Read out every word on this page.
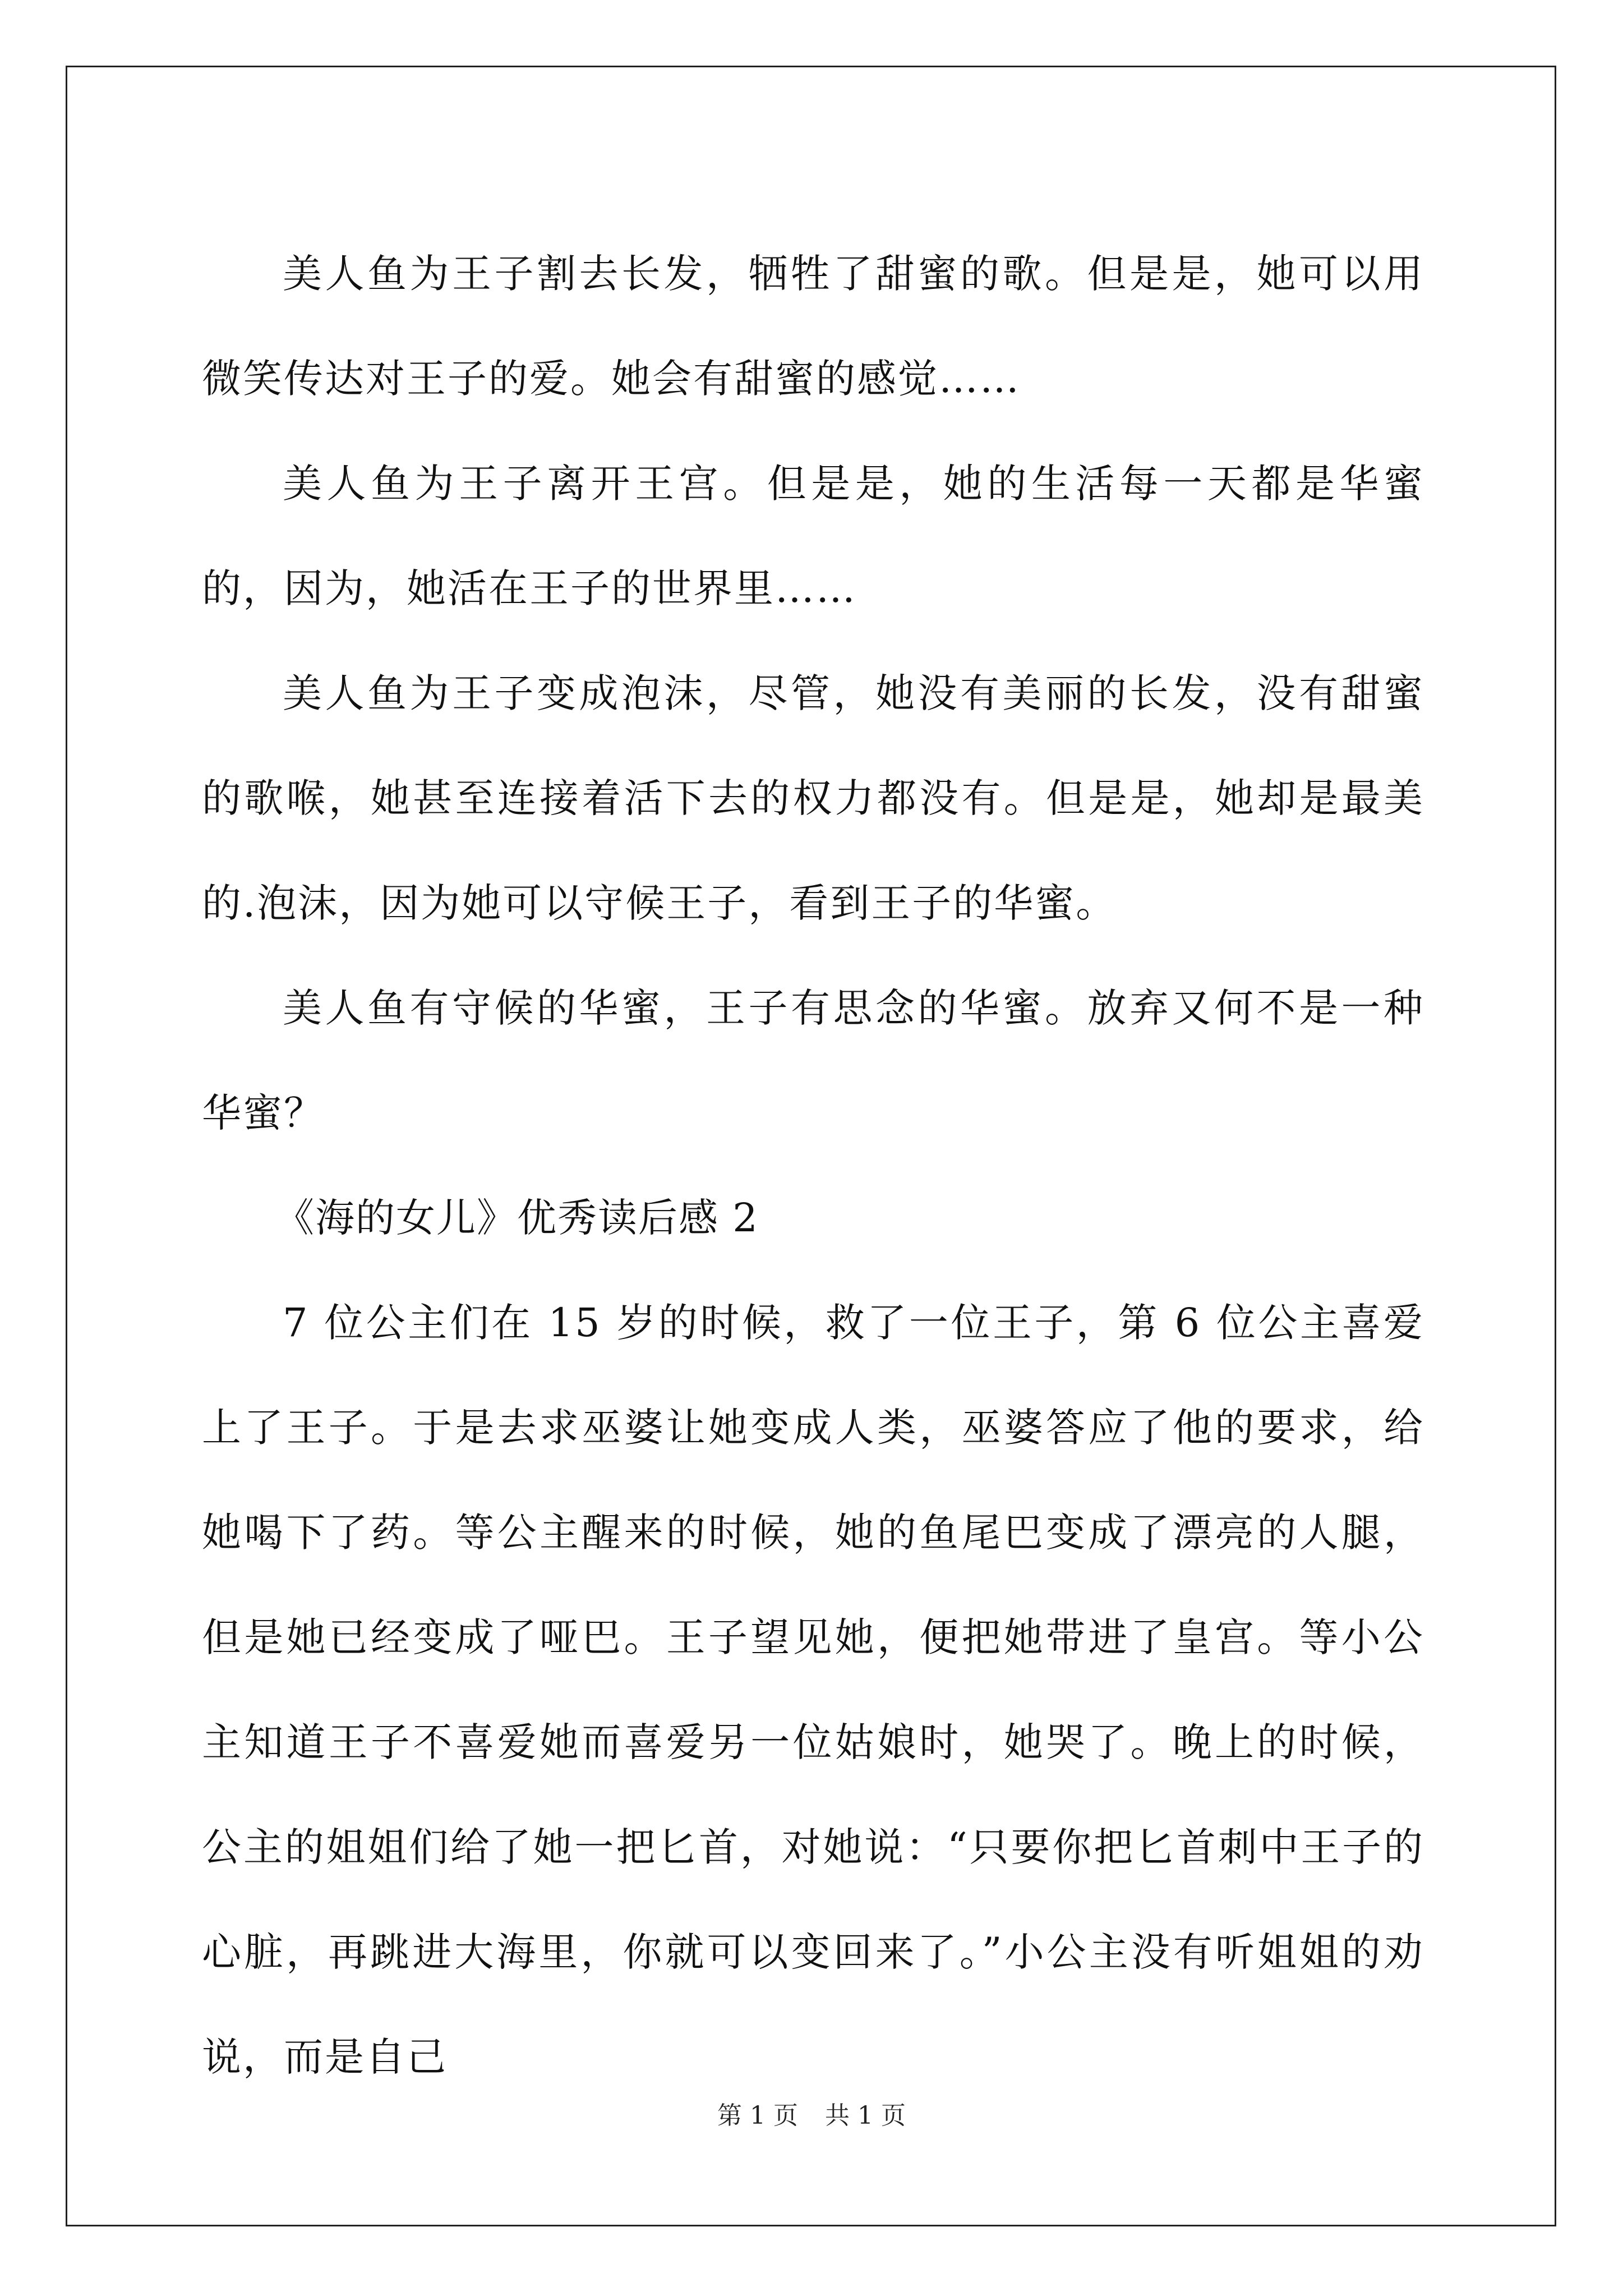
美人鱼为王子割去长发，牺牲了甜蜜的歌。但是是，她可以用微笑传达对王子的爱。她会有甜蜜的感觉……

美人鱼为王子离开王宫。但是是，她的生活每一天都是华蜜的，因为，她活在王子的世界里……

美人鱼为王子变成泡沫，尽管，她没有美丽的长发，没有甜蜜的歌喉，她甚至连接着活下去的权力都没有。但是是，她却是最美的.泡沫，因为她可以守候王子，看到王子的华蜜。

美人鱼有守候的华蜜，王子有思念的华蜜。放弃又何不是一种华蜜？

《海的女儿》优秀读后感 2

7 位公主们在 15 岁的时候，救了一位王子，第 6 位公主喜爱上了王子。于是去求巫婆让她变成人类，巫婆答应了他的要求，给她喝下了药。等公主醒来的时候，她的鱼尾巴变成了漂亮的人腿，但是她已经变成了哑巴。王子望见她，便把她带进了皇宫。等小公主知道王子不喜爱她而喜爱另一位姑娘时，她哭了。晚上的时候，公主的姐姐们给了她一把匕首，对她说：“只要你把匕首刺中王子的心脏，再跳进大海里，你就可以变回来了。”小公主没有听姐姐的劝说，而是自己

第 1 页 共 1 页
